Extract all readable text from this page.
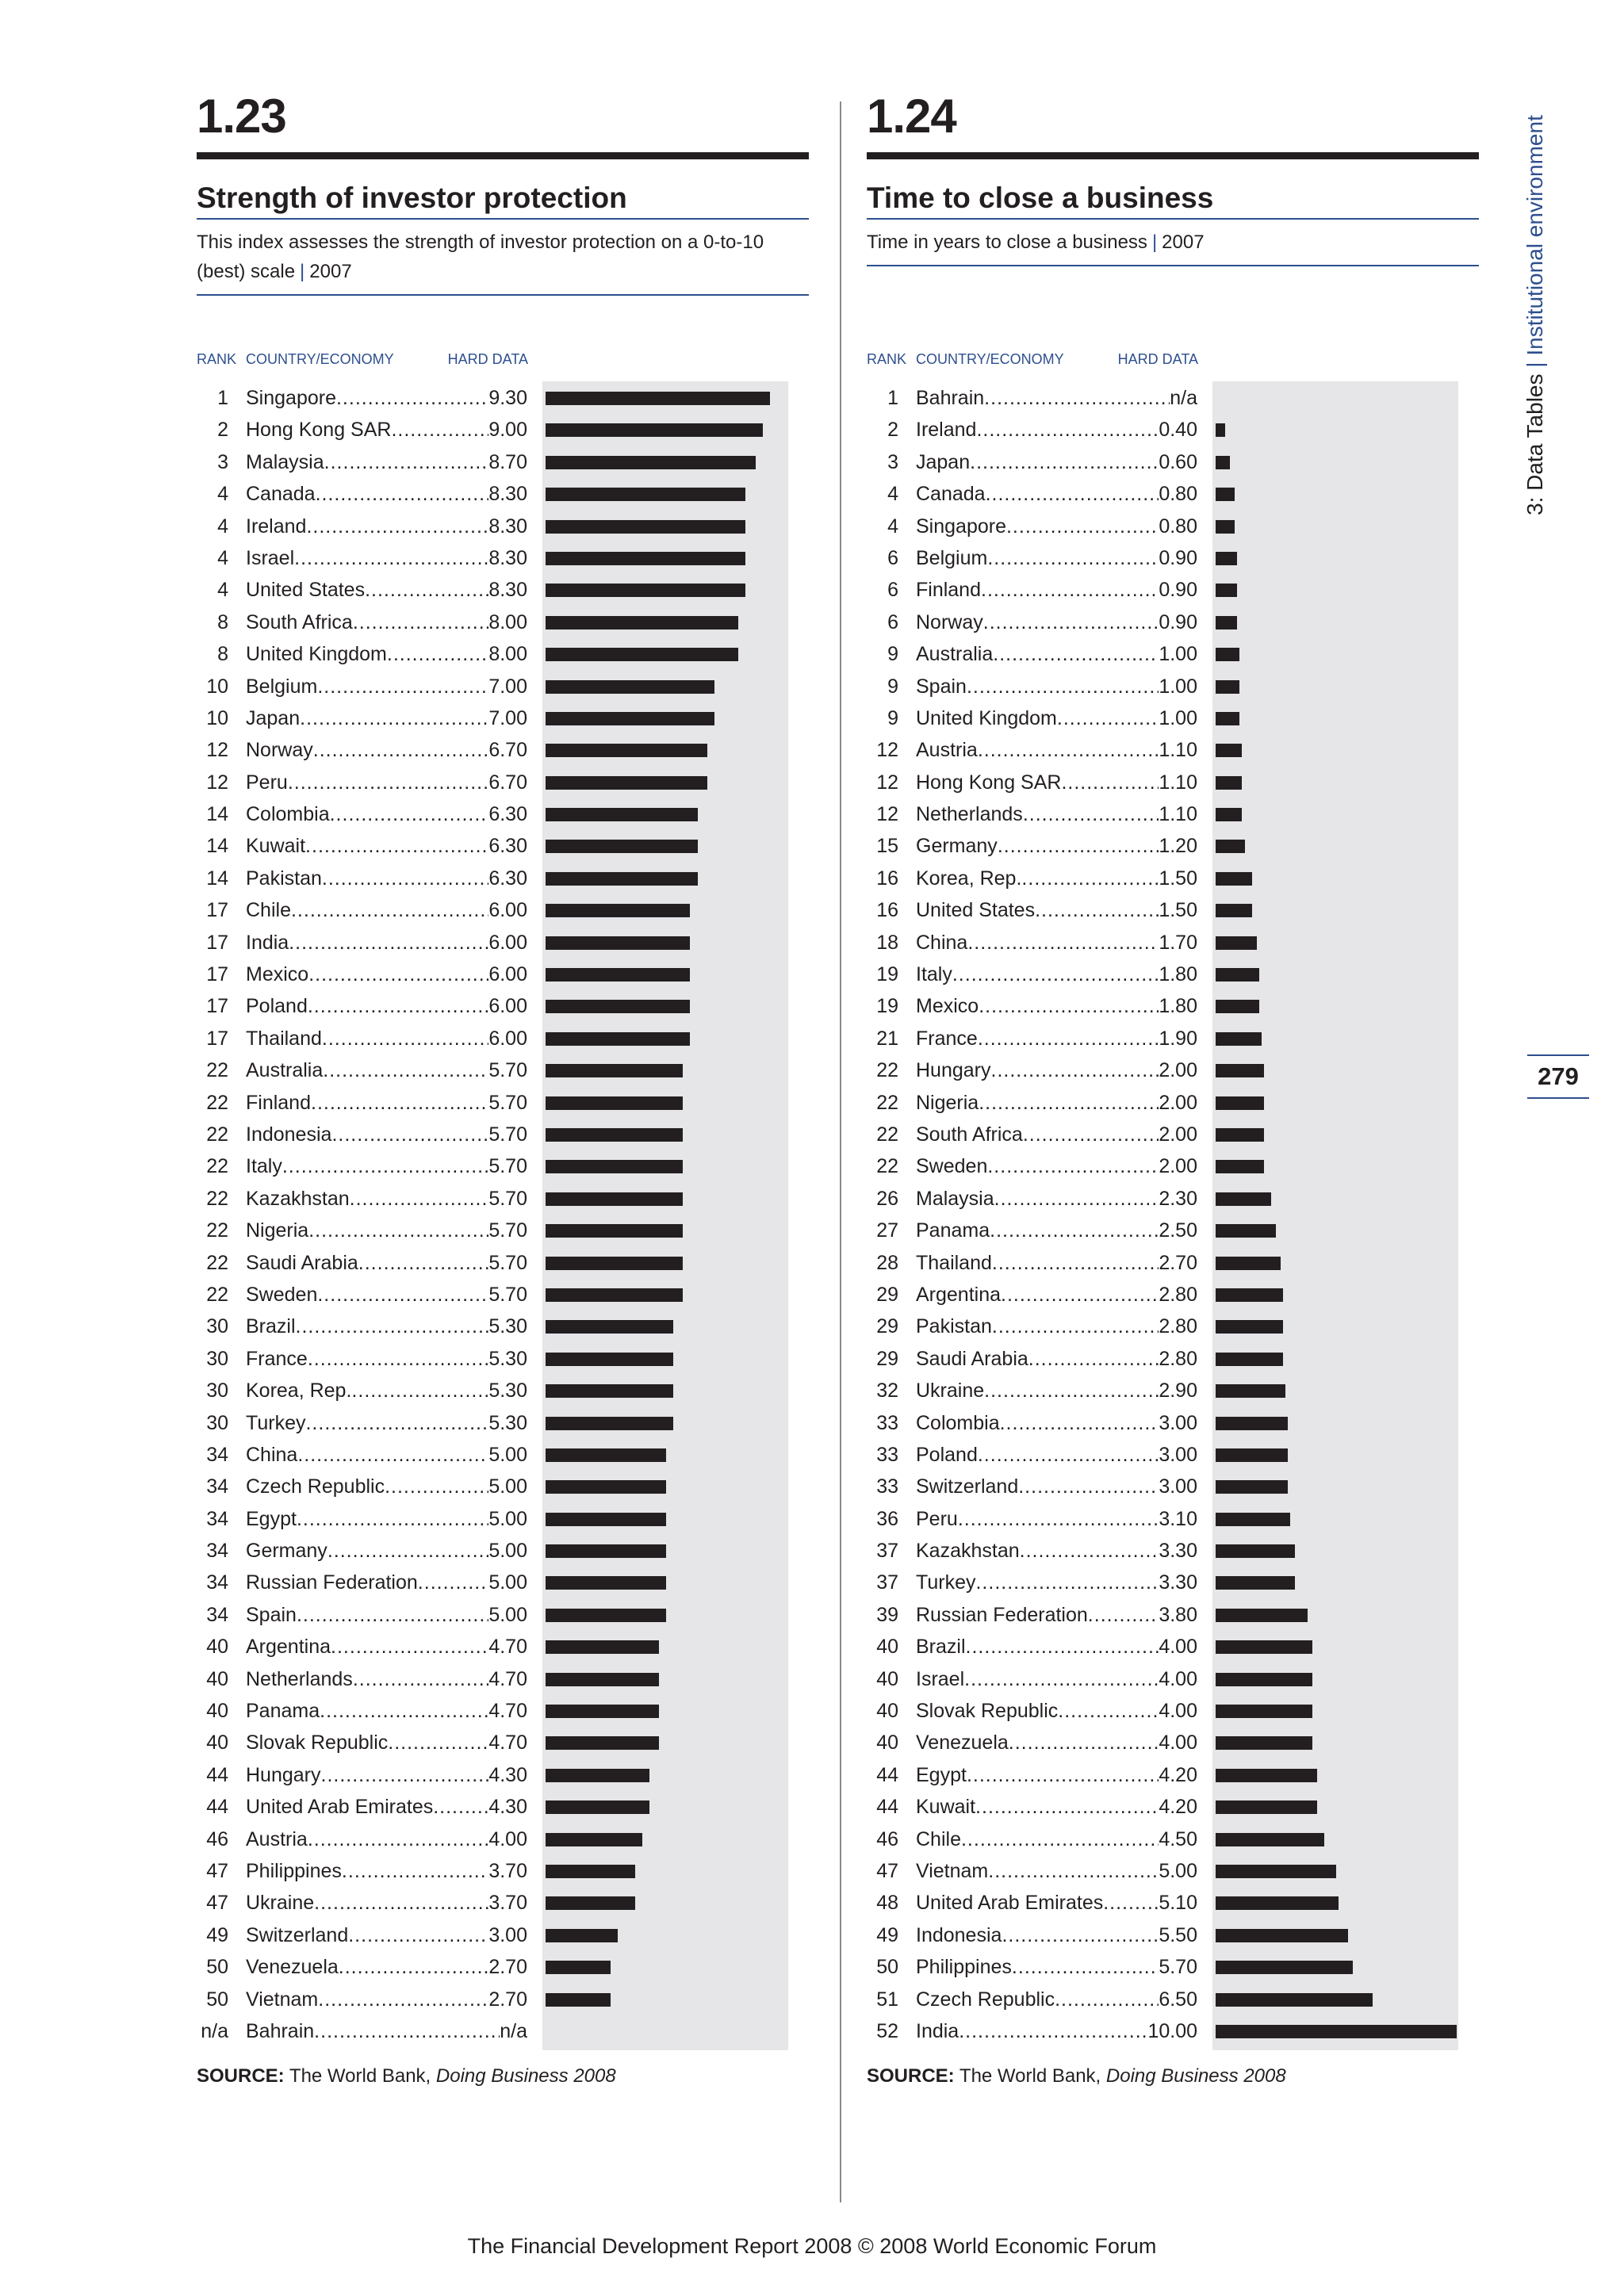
1.23
Strength of investor protection
This index assesses the strength of investor protection on a 0-to-10 (best) scale | 2007
RANK COUNTRY/ECONOMY	HARD DATA
1 Singapore .....	9.30
2 Hong Kong SAR .....	9.00
3 Malaysia .....	8.70
4 Canada .....	8.30
4 Ireland .....	8.30
4 Israel .....	8.30
4 United States .....	8.30
8 South Africa .....	8.00
8 United Kingdom .....	8.00
10 Belgium .....	7.00
10 Japan .....	7.00
12 Norway .....	6.70
12 Peru .....	6.70
14 Colombia .....	6.30
14 Kuwait .....	6.30
14 Pakistan .....	6.30
17 Chile .....	6.00
17 India .....	6.00
17 Mexico .....	6.00
17 Poland .....	6.00
17 Thailand .....	6.00
22 Australia .....	5.70
22 Finland .....	5.70
22 Indonesia .....	5.70
22 Italy .....	5.70
22 Kazakhstan .....	5.70
22 Nigeria .....	5.70
22 Saudi Arabia .....	5.70
22 Sweden .....	5.70
30 Brazil .....	5.30
30 France .....	5.30
30 Korea, Rep. .....	5.30
30 Turkey .....	5.30
34 China .....	5.00
34 Czech Republic .....	5.00
34 Egypt .....	5.00
34 Germany .....	5.00
34 Russian Federation .....	5.00
34 Spain .....	5.00
40 Argentina .....	4.70
40 Netherlands .....	4.70
40 Panama .....	4.70
40 Slovak Republic .....	4.70
44 Hungary .....	4.30
44 United Arab Emirates .....	4.30
46 Austria .....	4.00
47 Philippines .....	3.70
47 Ukraine .....	3.70
49 Switzerland .....	3.00
50 Venezuela .....	2.70
50 Vietnam .....	2.70
n/a Bahrain .....	n/a
SOURCE: The World Bank, Doing Business 2008
1.24
Time to close a business
Time in years to close a business | 2007
RANK COUNTRY/ECONOMY	HARD DATA
1 Bahrain .....	n/a
2 Ireland .....	0.40
3 Japan .....	0.60
4 Canada .....	0.80
4 Singapore .....	0.80
6 Belgium .....	0.90
6 Finland .....	0.90
6 Norway .....	0.90
9 Australia .....	1.00
9 Spain .....	1.00
9 United Kingdom .....	1.00
12 Austria .....	1.10
12 Hong Kong SAR .....	1.10
12 Netherlands .....	1.10
15 Germany .....	1.20
16 Korea, Rep. .....	1.50
16 United States .....	1.50
18 China .....	1.70
19 Italy .....	1.80
19 Mexico .....	1.80
21 France .....	1.90
22 Hungary .....	2.00
22 Nigeria .....	2.00
22 South Africa .....	2.00
22 Sweden .....	2.00
26 Malaysia .....	2.30
27 Panama .....	2.50
28 Thailand .....	2.70
29 Argentina .....	2.80
29 Pakistan .....	2.80
29 Saudi Arabia .....	2.80
32 Ukraine .....	2.90
33 Colombia .....	3.00
33 Poland .....	3.00
33 Switzerland .....	3.00
36 Peru .....	3.10
37 Kazakhstan .....	3.30
37 Turkey .....	3.30
39 Russian Federation .....	3.80
40 Brazil .....	4.00
40 Israel .....	4.00
40 Slovak Republic .....	4.00
40 Venezuela .....	4.00
44 Egypt .....	4.20
44 Kuwait .....	4.20
46 Chile .....	4.50
47 Vietnam .....	5.00
48 United Arab Emirates .....	5.10
49 Indonesia .....	5.50
50 Philippines .....	5.70
51 Czech Republic .....	6.50
52 India .....	10.00
SOURCE: The World Bank, Doing Business 2008
3: Data Tables | Institutional environment
279
The Financial Development Report 2008 © 2008 World Economic Forum
